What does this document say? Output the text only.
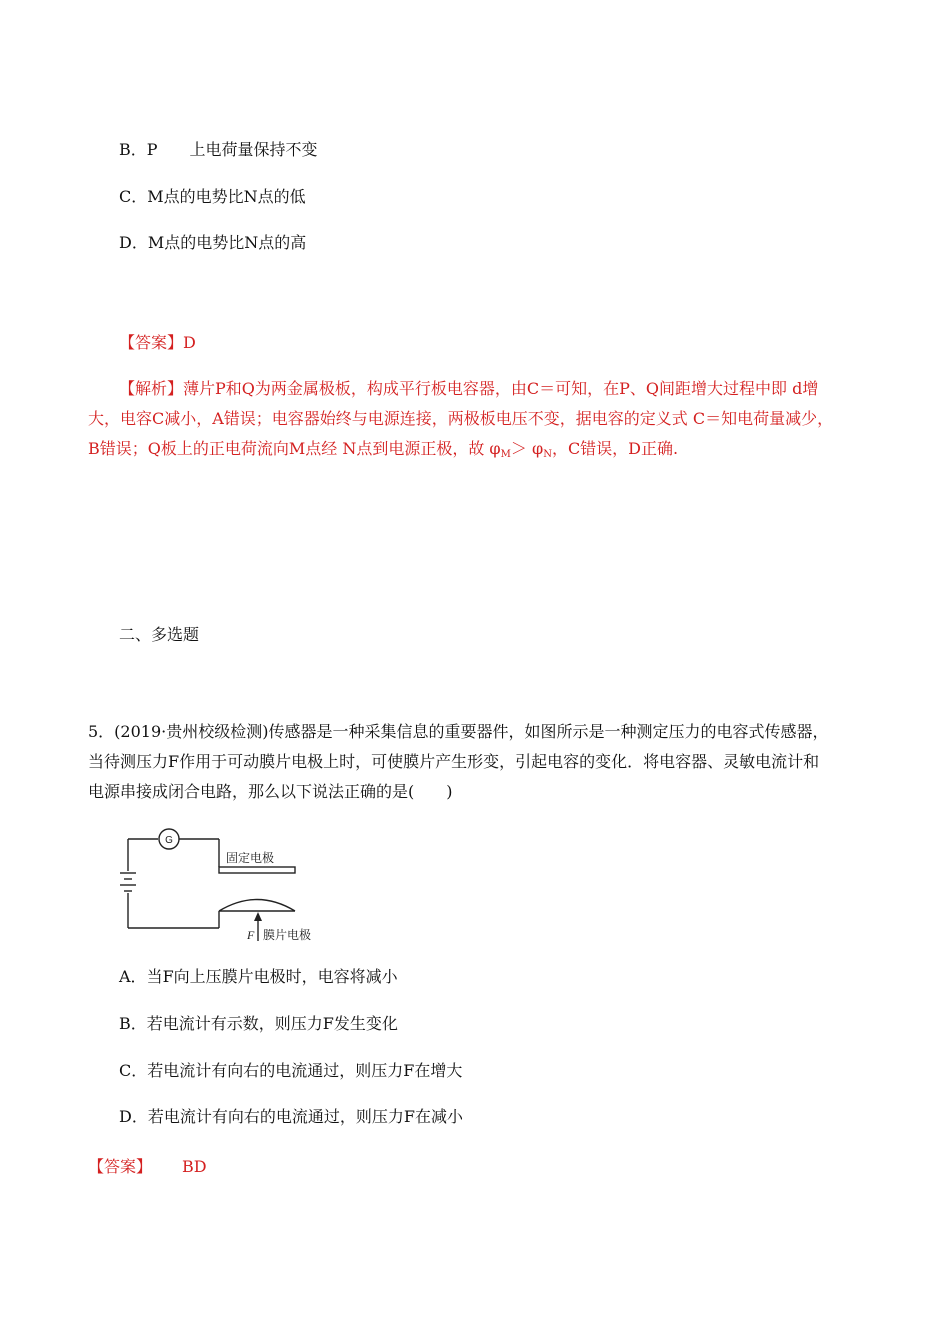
B．P　　上电荷量保持不变
C．M点的电势比N点的低
D．M点的电势比N点的高
【答案】D
【解析】薄片P和Q为两金属极板，构成平行板电容器，由C＝可知，在P、Q间距增大过程中即 d增
大，电容C减小，A错误；电容器始终与电源连接，两极板电压不变，据电容的定义式 C＝知电荷量减少，
B错误；Q板上的正电荷流向M点经 N点到电源正极，故 $\varphi_M> \varphi_N$，C错误，D正确.
二、多选题
5．(2019·贵州校级检测)传感器是一种采集信息的重要器件，如图所示是一种测定压力的电容式传感器，
当待测压力F作用于可动膜片电极上时，可使膜片产生形变，引起电容的变化．将电容器、灵敏电流计和
电源串接成闭合电路，那么以下说法正确的是(　　)
G
固定电极
F 膜片电极
A．当F向上压膜片电极时，电容将减小
B．若电流计有示数，则压力F发生变化
C．若电流计有向右的电流通过，则压力F在增大
D．若电流计有向右的电流通过，则压力F在减小
【答案】 BD
